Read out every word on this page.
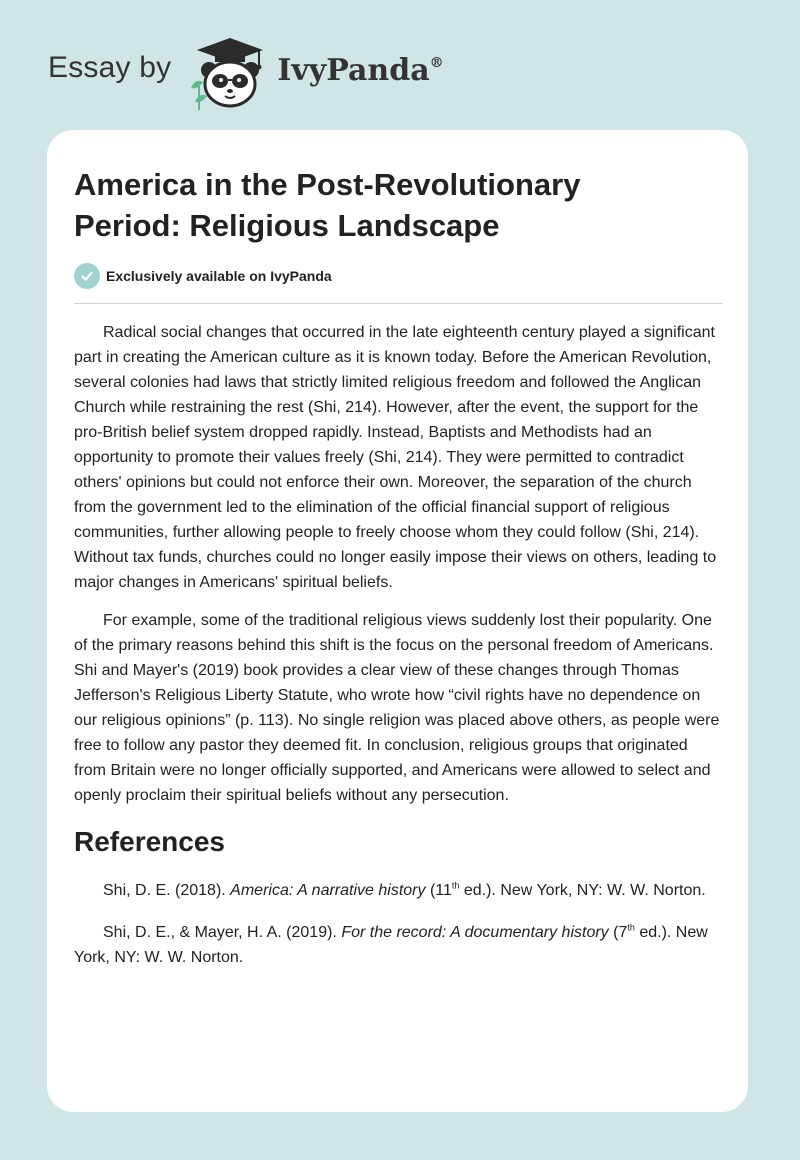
Essay by	IvyPanda®
America in the Post-Revolutionary Period: Religious Landscape
Exclusively available on IvyPanda

Radical social changes that occurred in the late eighteenth century played a significant part in creating the American culture as it is known today. Before the American Revolution, several colonies had laws that strictly limited religious freedom and followed the Anglican Church while restraining the rest (Shi, 214). However, after the event, the support for the pro-British belief system dropped rapidly. Instead, Baptists and Methodists had an opportunity to promote their values freely (Shi, 214). They were permitted to contradict others' opinions but could not enforce their own. Moreover, the separation of the church from the government led to the elimination of the official financial support of religious communities, further allowing people to freely choose whom they could follow (Shi, 214). Without tax funds, churches could no longer easily impose their views on others, leading to major changes in Americans' spiritual beliefs.

For example, some of the traditional religious views suddenly lost their popularity. One of the primary reasons behind this shift is the focus on the personal freedom of Americans. Shi and Mayer's (2019) book provides a clear view of these changes through Thomas Jefferson's Religious Liberty Statute, who wrote how “civil rights have no dependence on our religious opinions” (p. 113). No single religion was placed above others, as people were free to follow any pastor they deemed fit. In conclusion, religious groups that originated from Britain were no longer officially supported, and Americans were allowed to select and openly proclaim their spiritual beliefs without any persecution.

References

Shi, D. E. (2018). America: A narrative history (11th ed.). New York, NY: W. W. Norton.

Shi, D. E., & Mayer, H. A. (2019). For the record: A documentary history (7th ed.). New York, NY: W. W. Norton.
